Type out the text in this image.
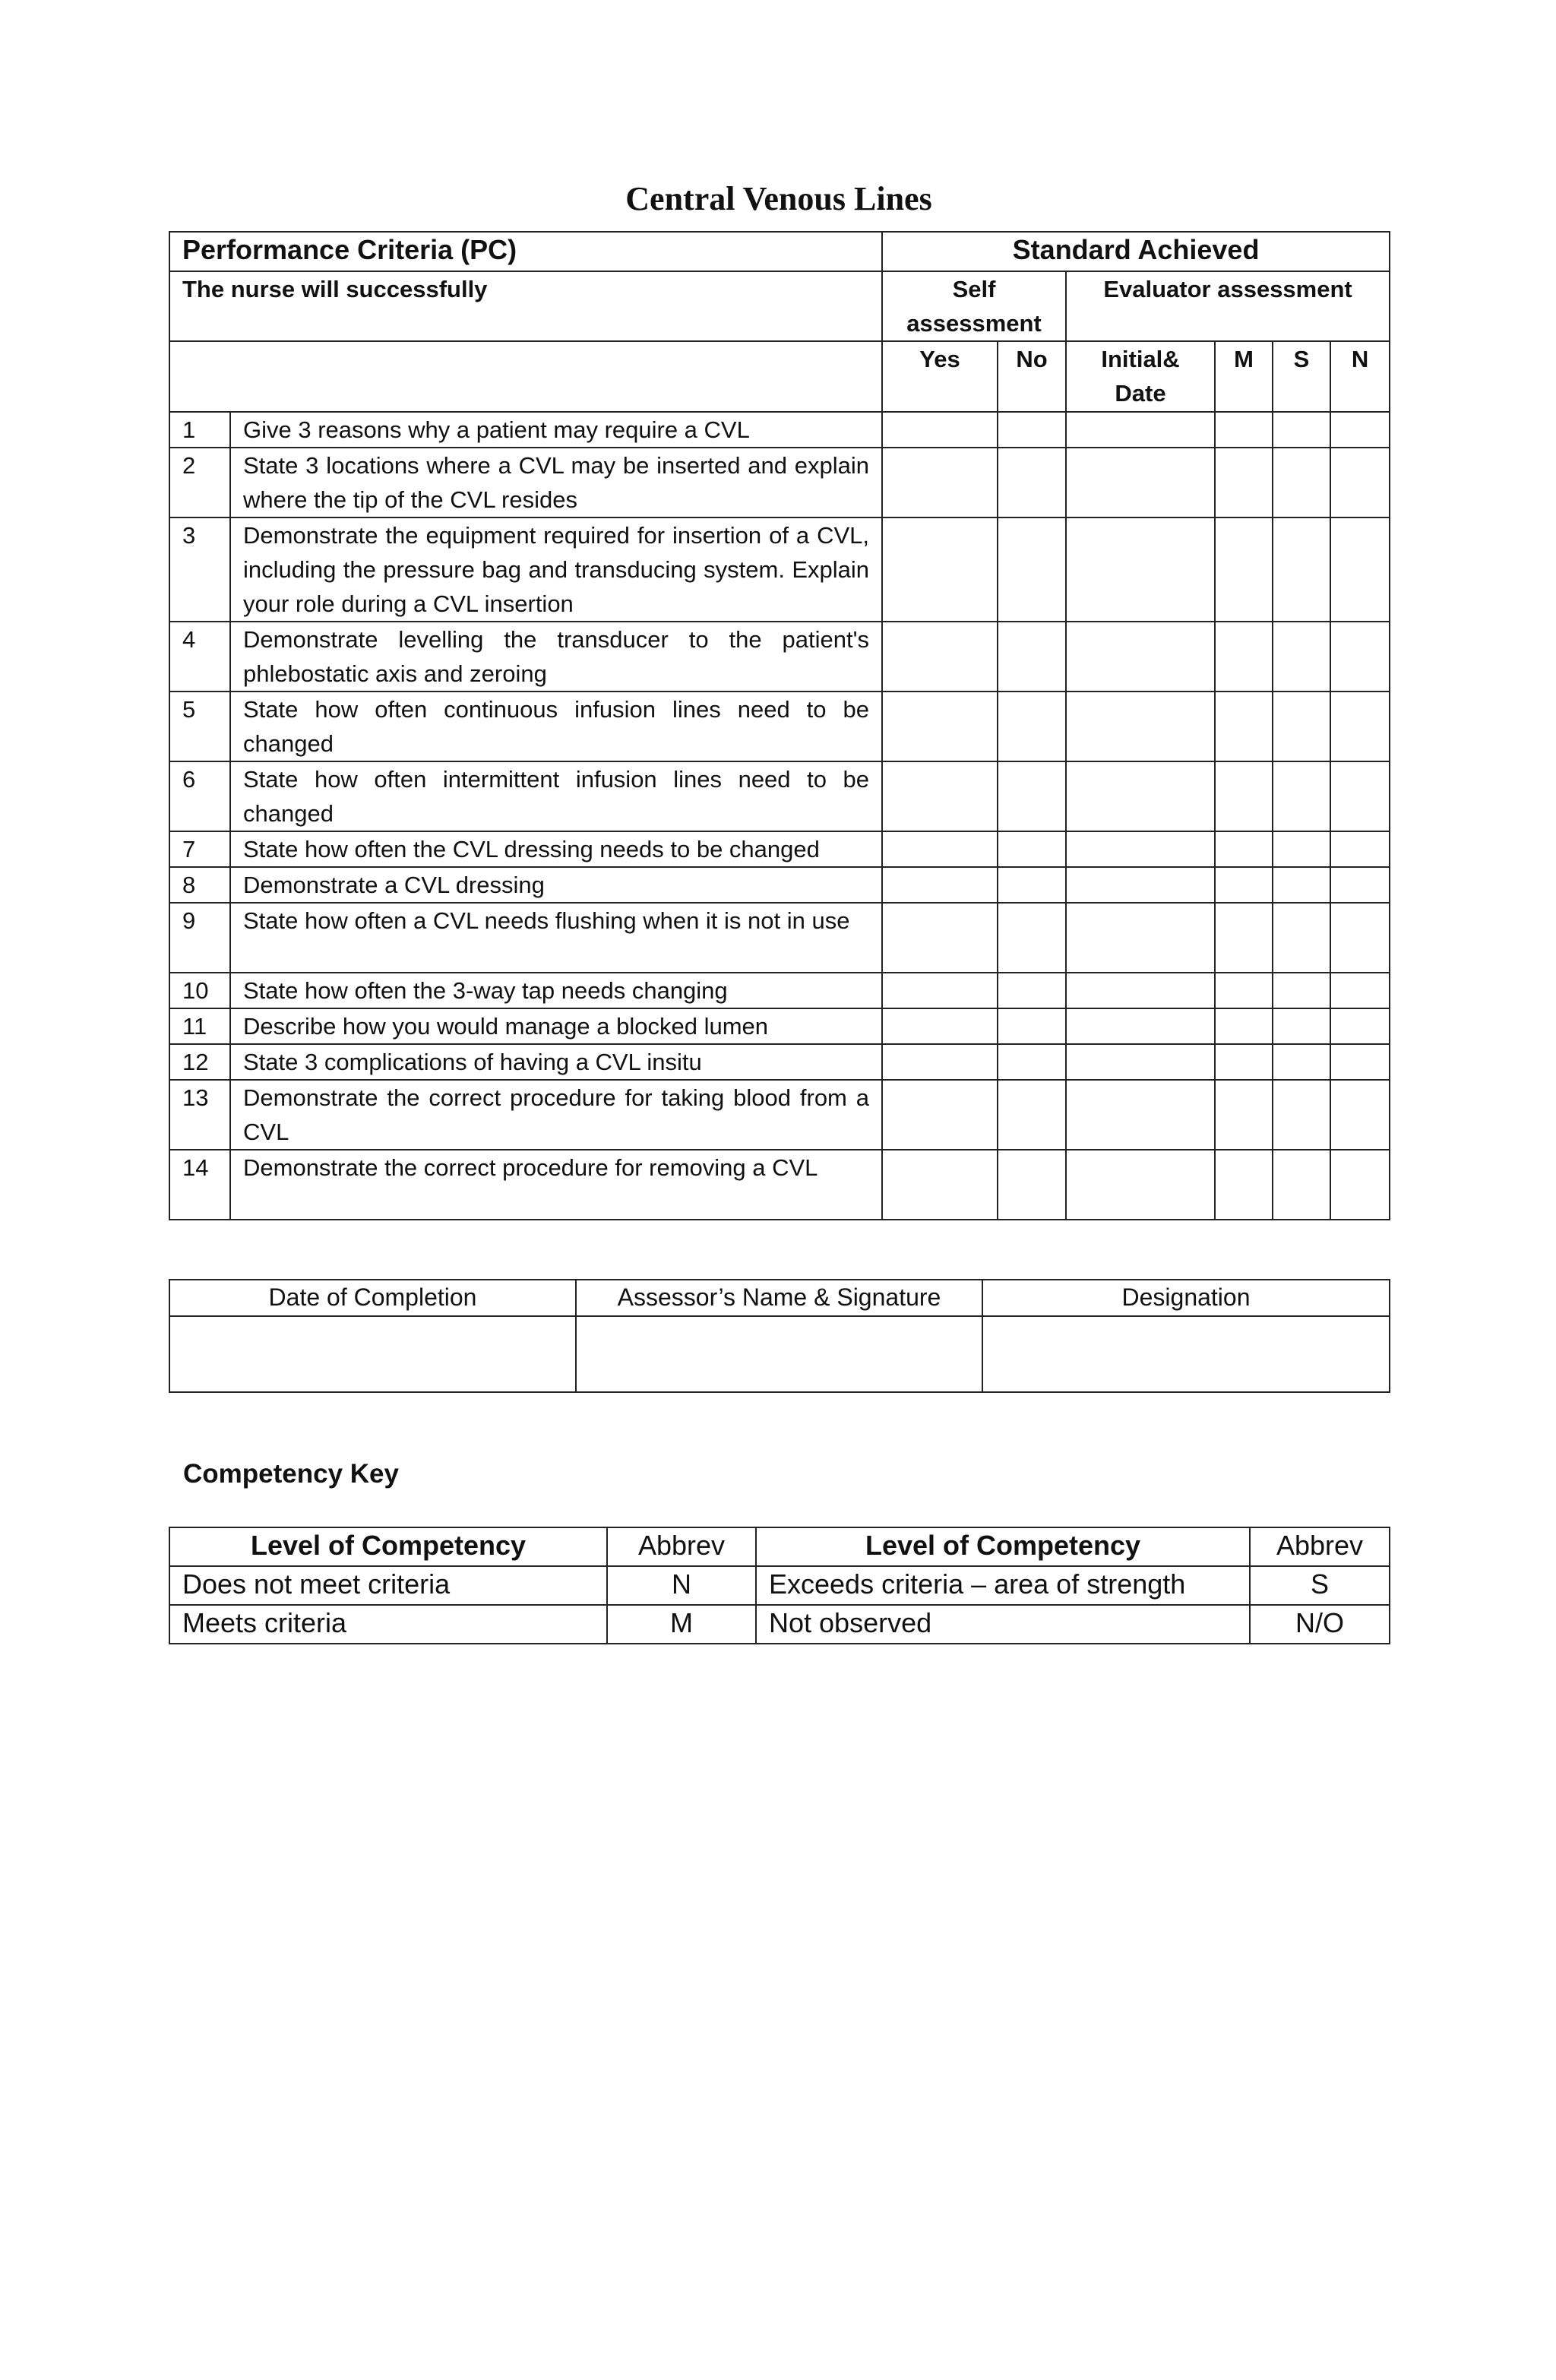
Central Venous Lines
Performance Criteria (PC)		Standard Achieved					
The nurse will successfully		Self assessment		Evaluator assessment			
		Yes	No	Initial& Date	M	S	N
1	Give 3 reasons why a patient may require a CVL						
2	State 3 locations where a CVL may be inserted and explain where the tip of the CVL resides						
3	Demonstrate the equipment required for insertion of a CVL, including the pressure bag and transducing system. Explain your role during a CVL insertion						
4	Demonstrate levelling the transducer to the patient's phlebostatic axis and zeroing						
5	State how often continuous infusion lines need to be changed						
6	State how often intermittent infusion lines need to be changed						
7	State how often the CVL dressing needs to be changed						
8	Demonstrate a CVL dressing						
9	State how often a CVL needs flushing when it is not in use						
10	State how often the 3-way tap needs changing						
11	Describe how you would manage a blocked lumen						
12	State 3 complications of having a CVL insitu						
13	Demonstrate the correct procedure for taking blood from a CVL						
14	Demonstrate the correct procedure for removing a CVL						
Date of Completion	Assessor’s Name & Signature	Designation

Competency Key
Level of Competency	Abbrev	Level of Competency	Abbrev
Does not meet criteria	N	Exceeds criteria – area of strength	S
Meets criteria	M	Not observed	N/O
